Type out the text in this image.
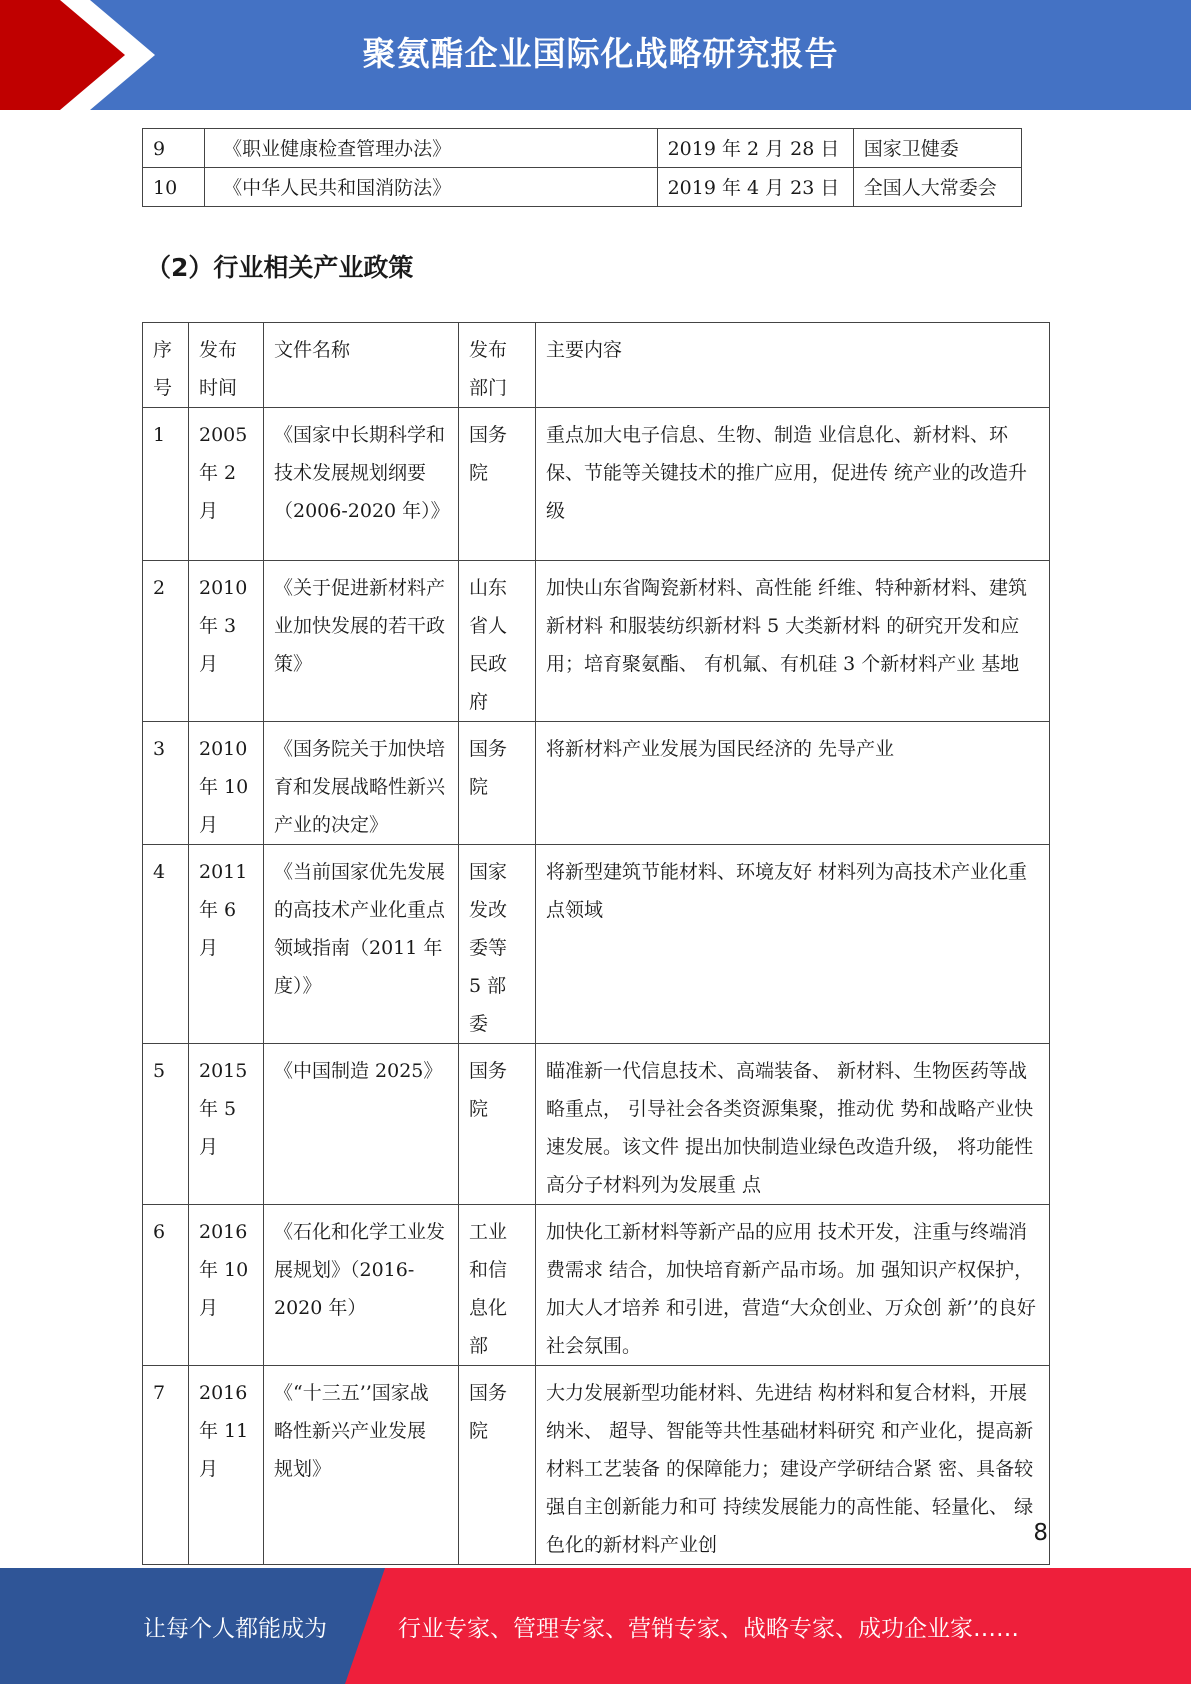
聚氨酯企业国际化战略研究报告
9	《职业健康检查管理办法》	2019 年 2 月 28 日	国家卫健委
10	《中华人民共和国消防法》	2019 年 4 月 23 日	全国人大常委会
（2）行业相关产业政策
序号	发布时间	文件名称	发布部门	主要内容
1	2005 年 2 月	《国家中长期科学和技术发展规划纲要（2006-2020 年）》	国务院	重点加大电子信息、生物、制造 业信息化、新材料、环保、节能等关键技术的推广应用，促进传 统产业的改造升级
2	2010 年 3 月	《关于促进新材料产业加快发展的若干政策》	山东省人民政府	加快山东省陶瓷新材料、高性能 纤维、特种新材料、建筑新材料 和服装纺织新材料 5 大类新材料 的研究开发和应用；培育聚氨酯、 有机氟、有机硅 3 个新材料产业 基地
3	2010 年 10 月	《国务院关于加快培育和发展战略性新兴产业的决定》	国务院	将新材料产业发展为国民经济的 先导产业
4	2011 年 6 月	《当前国家优先发展的高技术产业化重点领域指南（2011 年度）》	国家发改委等 5 部委	将新型建筑节能材料、环境友好 材料列为高技术产业化重点领域
5	2015 年 5 月	《中国制造 2025》	国务院	瞄准新一代信息技术、高端装备、 新材料、生物医药等战略重点， 引导社会各类资源集聚，推动优 势和战略产业快速发展。该文件 提出加快制造业绿色改造升级， 将功能性高分子材料列为发展重 点
6	2016 年 10 月	《石化和化学工业发展规划》（2016-2020 年）	工业和信息化部	加快化工新材料等新产品的应用 技术开发，注重与终端消费需求 结合，加快培育新产品市场。加 强知识产权保护，加大人才培养 和引进，营造“大众创业、万众创 新’’的良好社会氛围。
7	2016 年 11 月	《“十三五’’国家战 略性新兴产业发展 规划》	国务院	大力发展新型功能材料、先进结 构材料和复合材料，开展纳米、 超导、智能等共性基础材料研究 和产业化，提高新材料工艺装备 的保障能力；建设产学研结合紧 密、具备较强自主创新能力和可 持续发展能力的高性能、轻量化、 绿色化的新材料产业创	8
让每个人都能成为	行业专家、管理专家、营销专家、战略专家、成功企业家……
